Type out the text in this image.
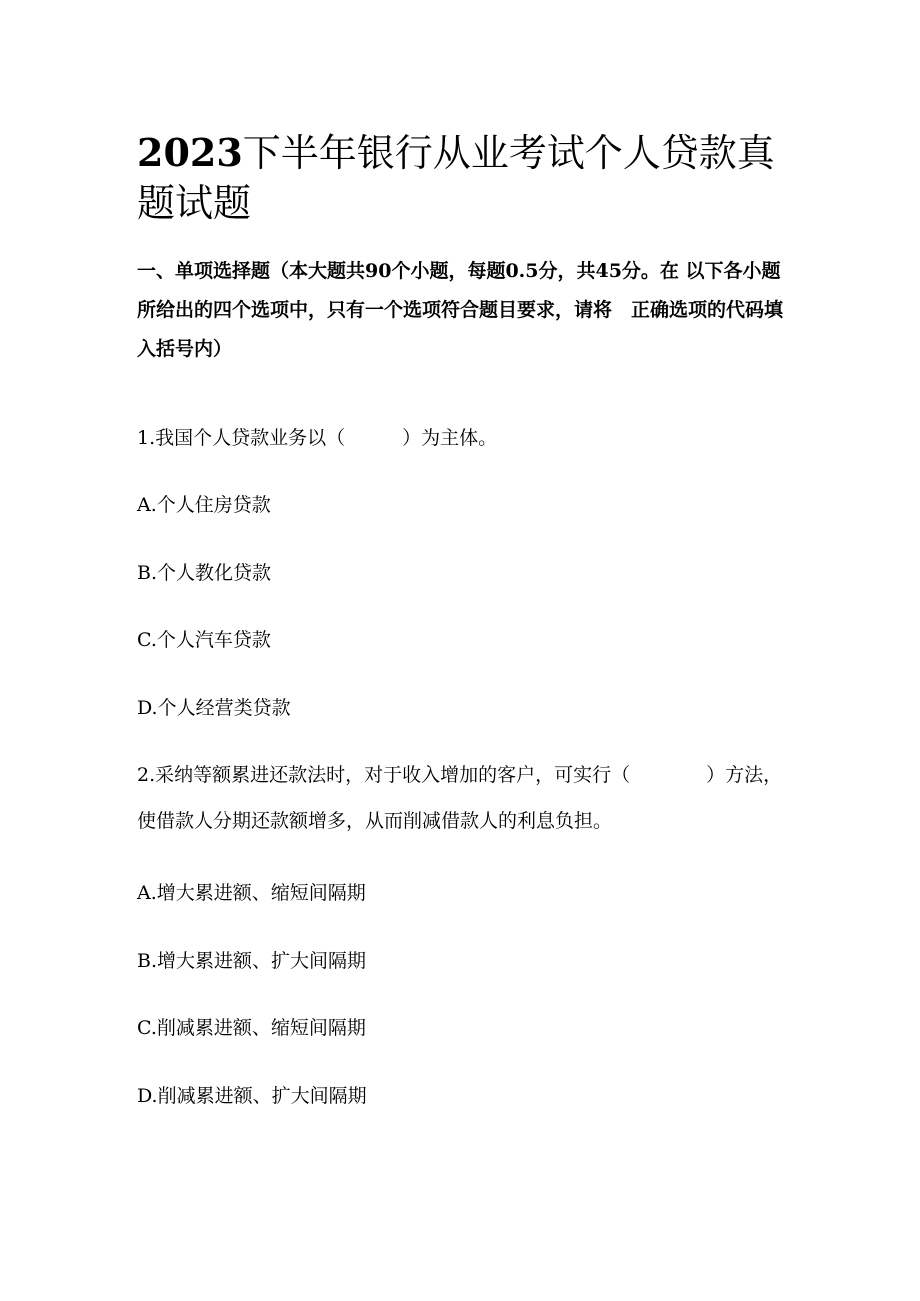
2023下半年银行从业考试个人贷款真题试题

一、单项选择题（本大题共90个小题，每题0.5分，共45分。在 以下各小题所给出的四个选项中，只有一个选项符合题目要求，请将　正确选项的代码填入括号内）

1.我国个人贷款业务以（　　　）为主体。

A.个人住房贷款

B.个人教化贷款

C.个人汽车贷款

D.个人经营类贷款

2.采纳等额累进还款法时，对于收入增加的客户，可实行（　　　　）方法，使借款人分期还款额增多，从而削减借款人的利息负担。

A.增大累进额、缩短间隔期

B.增大累进额、扩大间隔期

C.削减累进额、缩短间隔期

D.削减累进额、扩大间隔期
